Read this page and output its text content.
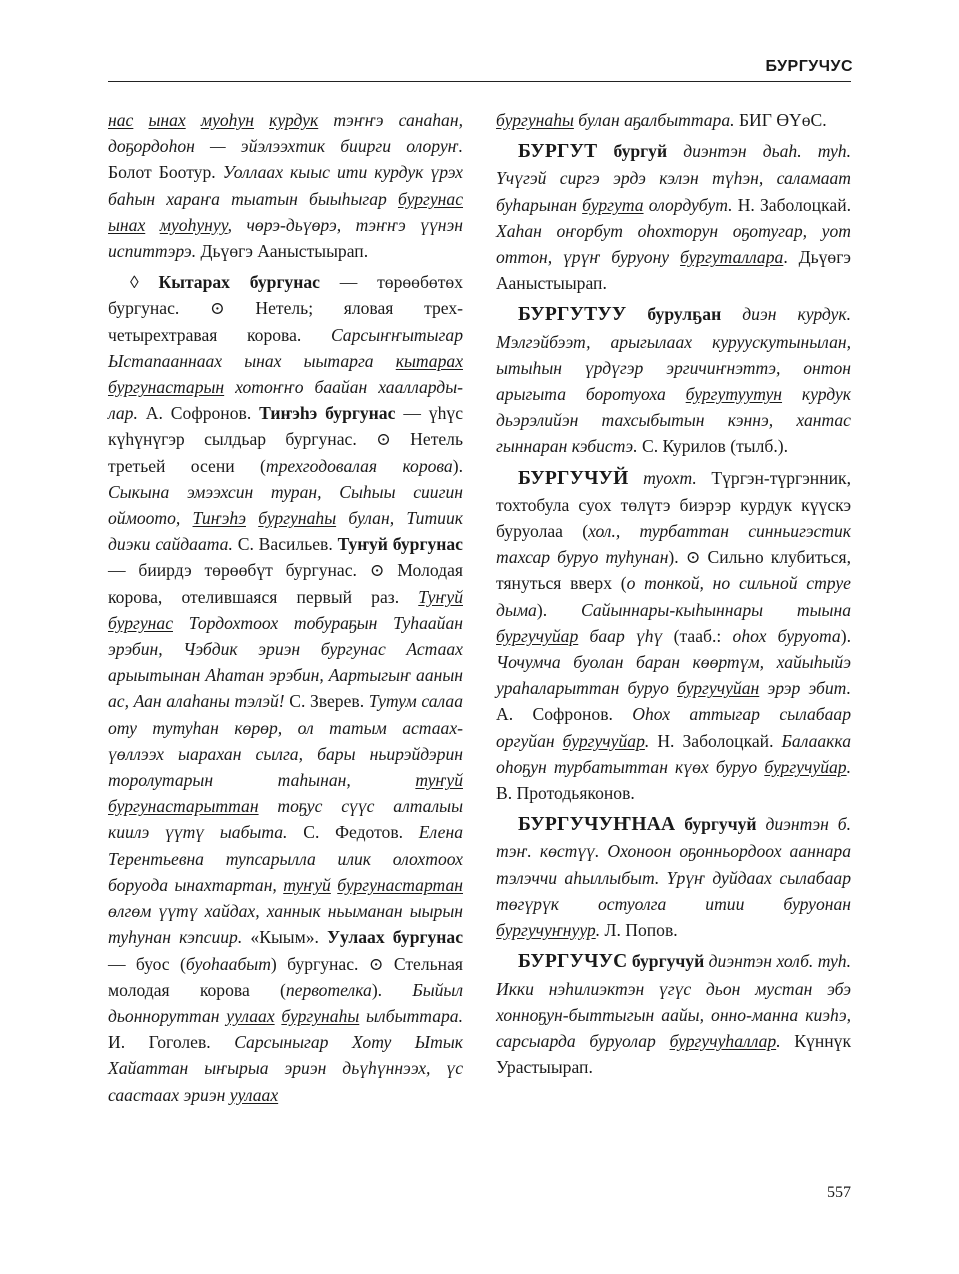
БУРГУЧУС

нас ынах муоһун курдук тэҥҥэ санаһан, доҕордоһон — эйэлээхтик биирги олоруҥ. Болот Боотур. Уоллаах кыыс ити курдук үрэх баһын хараҥа тыатын быыһыгар бургунас ынах муоһунуу, чөрэ-дьүөрэ, тэҥҥэ үүнэн испиттэрэ. Дьүөгэ Ааныстыырап.

◊ Кытарах бургунас — төрөөбөтөх бургунас. ⊙ Нетель; яловая трех-четырехтравая корова. Сарсыҥҥытыгар Ыстапааннаах ынах ыытарга кытарах бургунастарын хотоҥҥо баайан хааллардылар. А. Софронов. Тиҥэһэ бургунас — үһүс күһүнүгэр сылдьар бургунас. ⊙ Нетель третьей осени (трехгодовалая корова). Сыкына эмээхсин туран, Сыһыы сиигин оймоото, Тиҥэһэ бургунаһы булан, Титиик диэки сайдаата. С. Васильев. Туҥуй бургунас — биирдэ төрөөбүт бургунас. ⊙ Молодая корова, отелившаяся первый раз. Туҥуй бургунас Тордохтоох тобураҕын Туһаайан эрэбин, Чэбдик эриэн бургунас Астаах арыытынан Аһатан эрэбин, Аартыгыҥ аанын ас, Аан алаһаны тэлэй! С. Зверев. Тутум салаа оту тутуһан көрөр, ол татым астаах-үөллээх ыарахан сылга, бары ньирэйдэрин торолутарын таһынан, туҥуй бургунастарыттан тоҕус сүүс алталыы киилэ үүтү ыабыта. С. Федотов. Елена Терентьевна тупсарылла илик олохтоох боруода ынахтартан, туҥуй бургунастартан өлгөм үүтү хайдах, ханнык ньыманан ыырын туһунан кэпсиир. «Кыым». Уулаах бургунас — буос (буоһаабыт) бургунас. ⊙ Стельная молодая корова (первотелка). Быйыл дьонноруттан уулаах бургунаһы ылбыттара. И. Гоголев. Сарсыныгар Хоту Ытык Хайаттан ыҥырыа эриэн дьүһүннээх, үс саастаах эриэн уулаах

бургунаһы булан аҕалбыттара. БИГ ӨҮөС.

БУРГУТ бургуй диэнтэн дьаһ. туһ. Үчүгэй сиргэ эрдэ кэлэн түһэн, саламаат буһарынан бургута олордубут. Н. Заболоцкай. Хаһан оҥорбут оһохторун оҕотугар, уот оттон, үрүҥ буруону бургуталлара. Дьүөгэ Ааныстыырап.

БУРГУТУУ бурулҕан диэн курдук. Мэлгэйбээт, арыгылаах куруускутынылан, ытыһын үрдүгэр эргичиҥнэттэ, онтон арыгыта боротуоха бургутуутун курдук дьэрэлийэн тахсыбытын кэннэ, хантас гыннаран кэбистэ. С. Курилов (тылб.).

БУРГУЧУЙ туохт. Түргэн-түргэнник, тохтобула суох төлүтэ биэрэр курдук күүскэ буруолаа (хол., турбаттан синньигэстик тахсар буруо туһунан). ⊙ Сильно клубиться, тянуться вверх (о тонкой, но сильной струе дыма). Сайыннары-кыһыннары тыына бургучуйар баар үһү (тааб.: оһох буруота). Чочумча буолан баран көөртүм, хайыһыйэ ураһаларыттан буруо бургучуйан эрэр эбит. А. Софронов. Оһох аттыгар сылабаар оргуйан бургучуйар. Н. Заболоцкай. Балаакка оһоҕун турбатыттан күөх буруо бургучуйар. В. Протодьяконов.

БУРГУЧУҤНАА бургучуй диэнтэн б. тэҥ. көстүү. Охоноон оҕонньордоох ааннара тэлэччи аһыллыбыт. Үрүҥ дуйдаах сылабаар төгүрүк остуолга итии буруонан бургучуҥнуур. Л. Попов.

БУРГУЧУС бургучуй диэнтэн холб. туһ. Икки нэһилиэктэн үгүс дьон мустан эбэ хонноҕун-быттыгын аайы, онно-манна киэһэ, сарсыарда буруолар бургучуһаллар. Күннүк Урастыырап.

557
